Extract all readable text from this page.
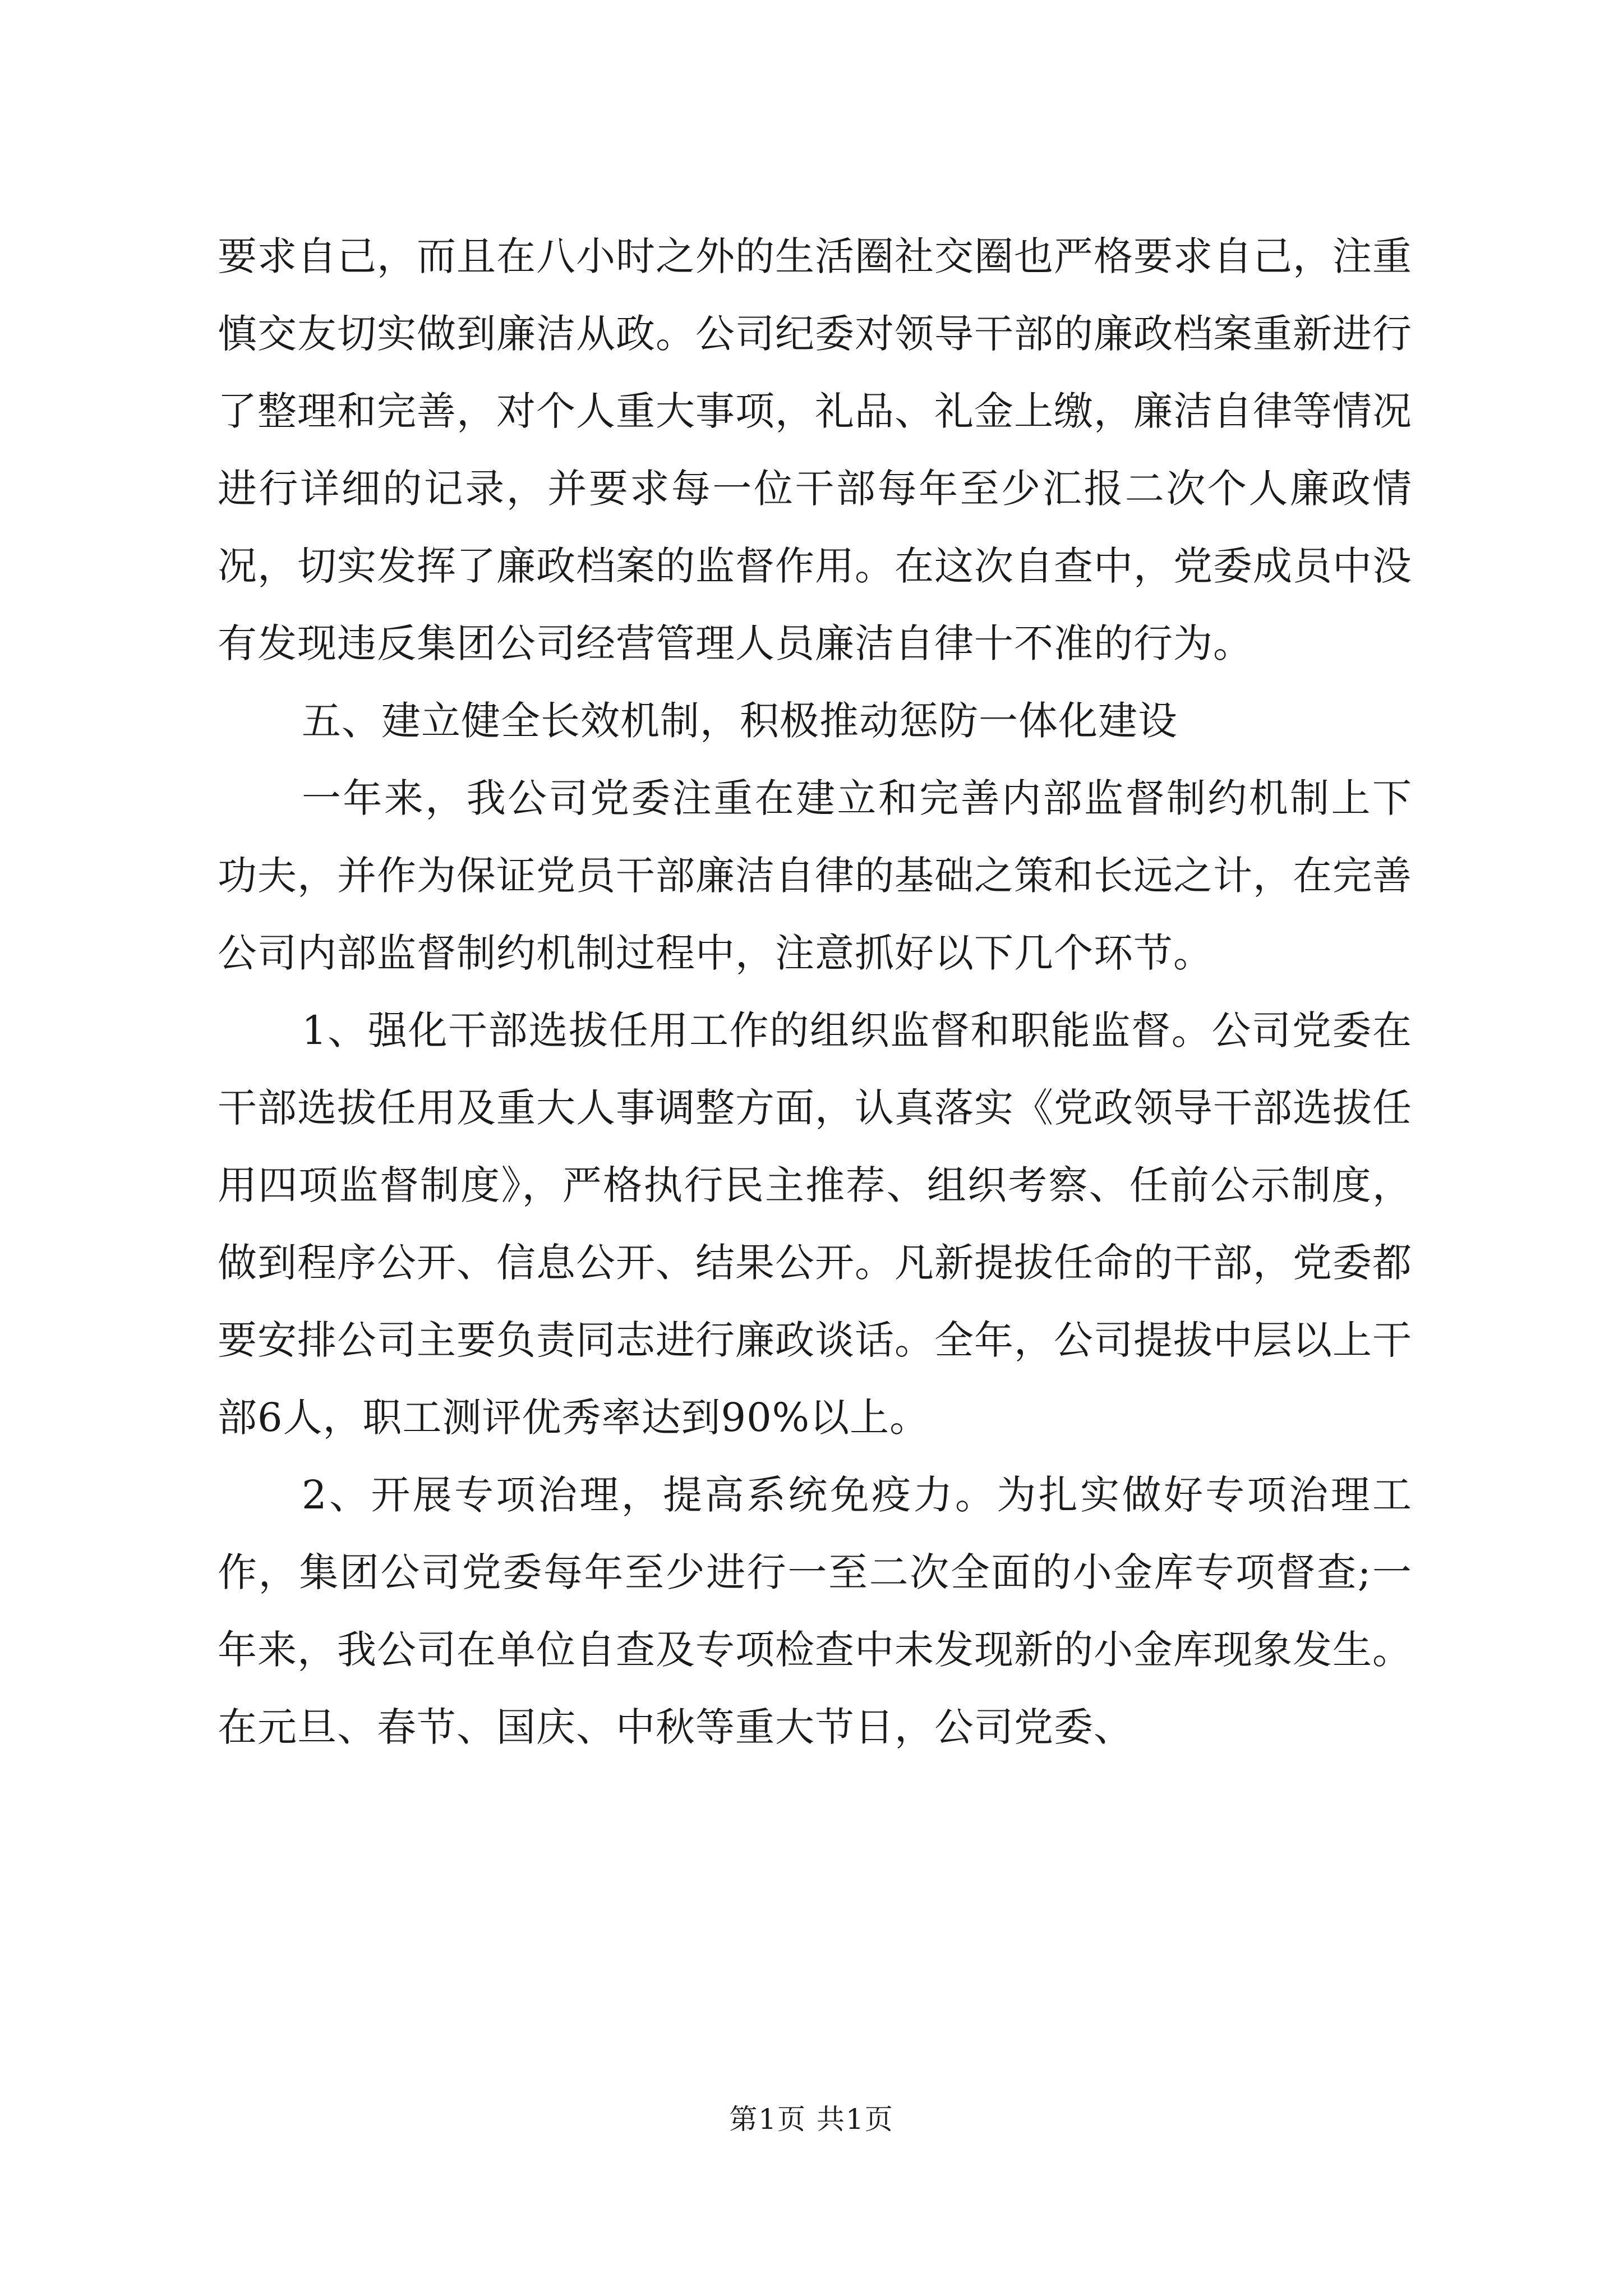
要求自己，而且在八小时之外的生活圈社交圈也严格要求自己，注重慎交友切实做到廉洁从政。公司纪委对领导干部的廉政档案重新进行了整理和完善，对个人重大事项，礼品、礼金上缴，廉洁自律等情况进行详细的记录，并要求每一位干部每年至少汇报二次个人廉政情况，切实发挥了廉政档案的监督作用。在这次自查中，党委成员中没有发现违反集团公司经营管理人员廉洁自律十不准的行为。

五、建立健全长效机制，积极推动惩防一体化建设

一年来，我公司党委注重在建立和完善内部监督制约机制上下功夫，并作为保证党员干部廉洁自律的基础之策和长远之计，在完善公司内部监督制约机制过程中，注意抓好以下几个环节。

1、强化干部选拔任用工作的组织监督和职能监督。公司党委在干部选拔任用及重大人事调整方面，认真落实《党政领导干部选拔任用四项监督制度》，严格执行民主推荐、组织考察、任前公示制度，做到程序公开、信息公开、结果公开。凡新提拔任命的干部，党委都要安排公司主要负责同志进行廉政谈话。全年，公司提拔中层以上干部6人，职工测评优秀率达到90%以上。

2、开展专项治理，提高系统免疫力。为扎实做好专项治理工作，集团公司党委每年至少进行一至二次全面的小金库专项督查;一年来，我公司在单位自查及专项检查中未发现新的小金库现象发生。在元旦、春节、国庆、中秋等重大节日，公司党委、

第1页 共1页
